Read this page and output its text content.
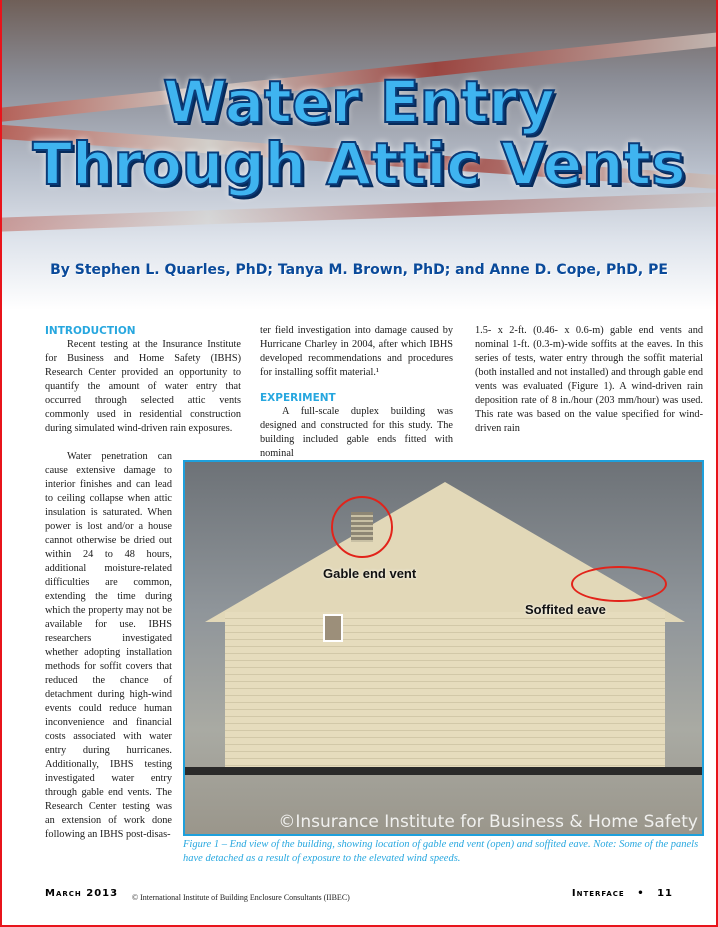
Water Entry
Through Attic Vents
By Stephen L. Quarles, PhD; Tanya M. Brown, PhD; and Anne D. Cope, PhD, PE
INTRODUCTION

Recent testing at the Insurance Institute for Business and Home Safety (IBHS) Research Center provided an opportunity to quantify the amount of water entry that occurred through selected attic vents commonly used in residential construction during simulated wind-driven rain exposures.

Water penetration can cause extensive damage to interior finishes and can lead to ceiling collapse when attic insulation is saturated. When power is lost and/or a house cannot otherwise be dried out within 24 to 48 hours, additional moisture-related difficulties are common, extending the time during which the property may not be available for use. IBHS researchers investigated whether adopting installation methods for soffit covers that reduced the chance of detachment during high-wind events could reduce human inconvenience and financial costs associated with water entry during hurricanes. Additionally, IBHS testing investigated water entry through gable end vents. The Research Center testing was an extension of work done following an IBHS post-disas-

ter field investigation into damage caused by Hurricane Charley in 2004, after which IBHS developed recommendations and procedures for installing soffit material.¹

EXPERIMENT

A full-scale duplex building was designed and constructed for this study. The building included gable ends fitted with nominal

1.5- x 2-ft. (0.46- x 0.6-m) gable end vents and nominal 1-ft. (0.3-m)-wide soffits at the eaves. In this series of tests, water entry through the soffit material (both installed and not installed) and through gable end vents was evaluated (Figure 1). A wind-driven rain deposition rate of 8 in./hour (203 mm/hour) was used. This rate was based on the value specified for wind-driven rain

Gable end vent
Soffited eave
©Insurance Institute for Business & Home Safety
Figure 1 – End view of the building, showing location of gable end vent (open) and soffited eave. Note: Some of the panels have detached as a result of exposure to the elevated wind speeds.
March 2013 © International Institute of Building Enclosure Consultants (IIBEC)	Interface • 11
